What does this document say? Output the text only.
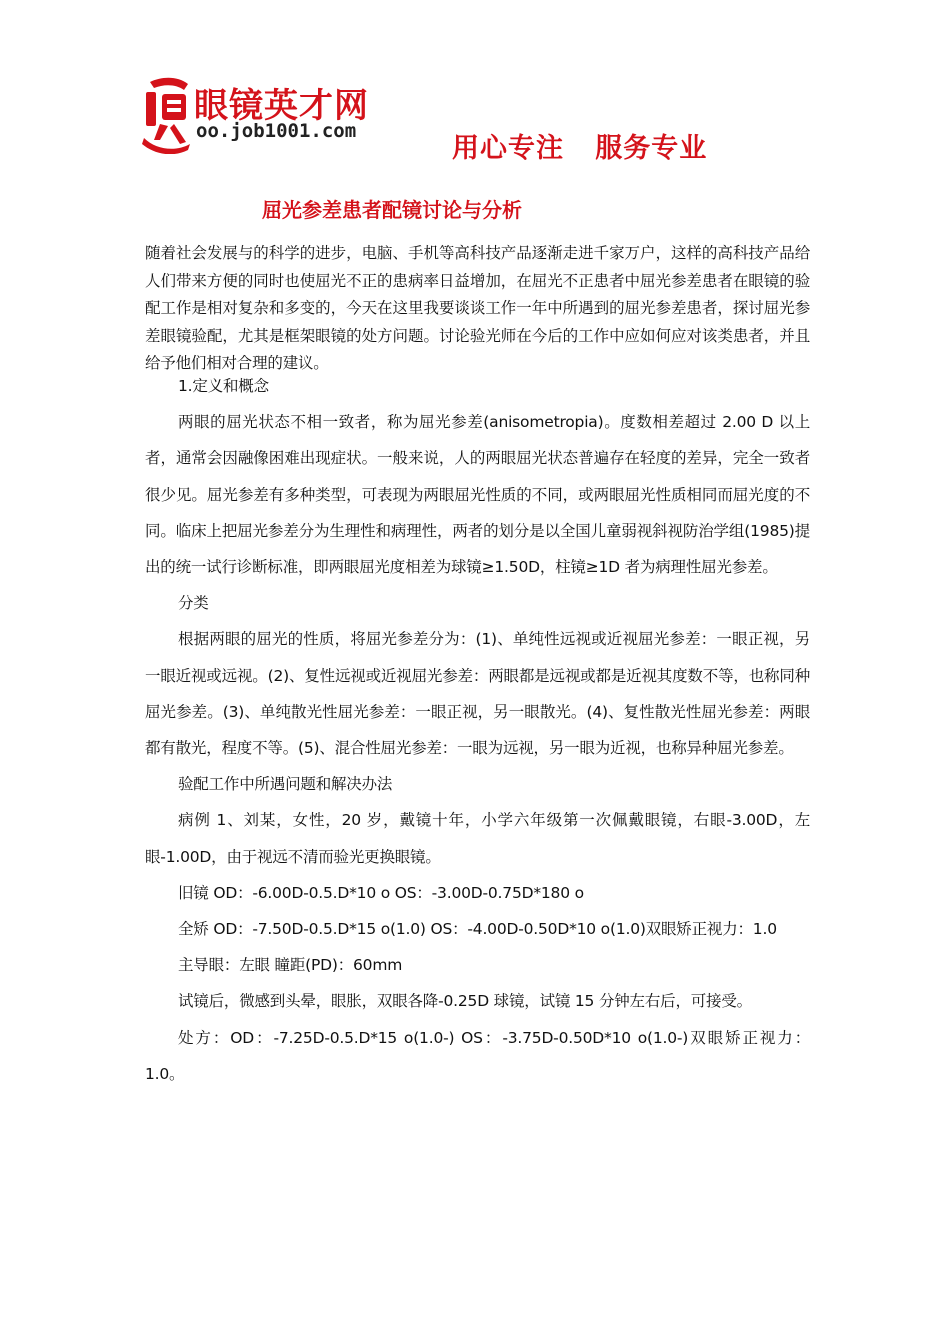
眼镜英才网
oo.job1001.com
用心专注   服务专业
屈光参差患者配镜讨论与分析

随着社会发展与的科学的进步，电脑、手机等高科技产品逐渐走进千家万户，这样的高科技产品给人们带来方便的同时也使屈光不正的患病率日益增加，在屈光不正患者中屈光参差患者在眼镜的验配工作是相对复杂和多变的，今天在这里我要谈谈工作一年中所遇到的屈光参差患者，探讨屈光参差眼镜验配，尤其是框架眼镜的处方问题。讨论验光师在今后的工作中应如何应对该类患者，并且给予他们相对合理的建议。

1.定义和概念

两眼的屈光状态不相一致者，称为屈光参差(anisometropia)。度数相差超过 2.00 D 以上者，通常会因融像困难出现症状。一般来说，人的两眼屈光状态普遍存在轻度的差异，完全一致者很少见。屈光参差有多种类型，可表现为两眼屈光性质的不同，或两眼屈光性质相同而屈光度的不同。临床上把屈光参差分为生理性和病理性，两者的划分是以全国儿童弱视斜视防治学组(1985)提出的统一试行诊断标准，即两眼屈光度相差为球镜≥1.50D，柱镜≥1D 者为病理性屈光参差。

分类

根据两眼的屈光的性质，将屈光参差分为：(1)、单纯性远视或近视屈光参差：一眼正视，另一眼近视或远视。(2)、复性远视或近视屈光参差：两眼都是远视或都是近视其度数不等，也称同种屈光参差。(3)、单纯散光性屈光参差：一眼正视，另一眼散光。(4)、复性散光性屈光参差：两眼都有散光，程度不等。(5)、混合性屈光参差：一眼为远视，另一眼为近视，也称异种屈光参差。

验配工作中所遇问题和解决办法

病例 1、刘某，女性，20 岁，戴镜十年，小学六年级第一次佩戴眼镜，右眼-3.00D，左眼-1.00D，由于视远不清而验光更换眼镜。

旧镜 OD：-6.00D-0.5.D*10 o OS：-3.00D-0.75D*180 o

全矫 OD：-7.50D-0.5.D*15 o(1.0) OS：-4.00D-0.50D*10 o(1.0)双眼矫正视力：1.0

主导眼：左眼 瞳距(PD)：60mm

试镜后，微感到头晕，眼胀，双眼各降-0.25D 球镜，试镜 15 分钟左右后，可接受。

处方：OD：-7.25D-0.5.D*15 o(1.0-) OS：-3.75D-0.50D*10 o(1.0-)双眼矫正视力：1.0。
